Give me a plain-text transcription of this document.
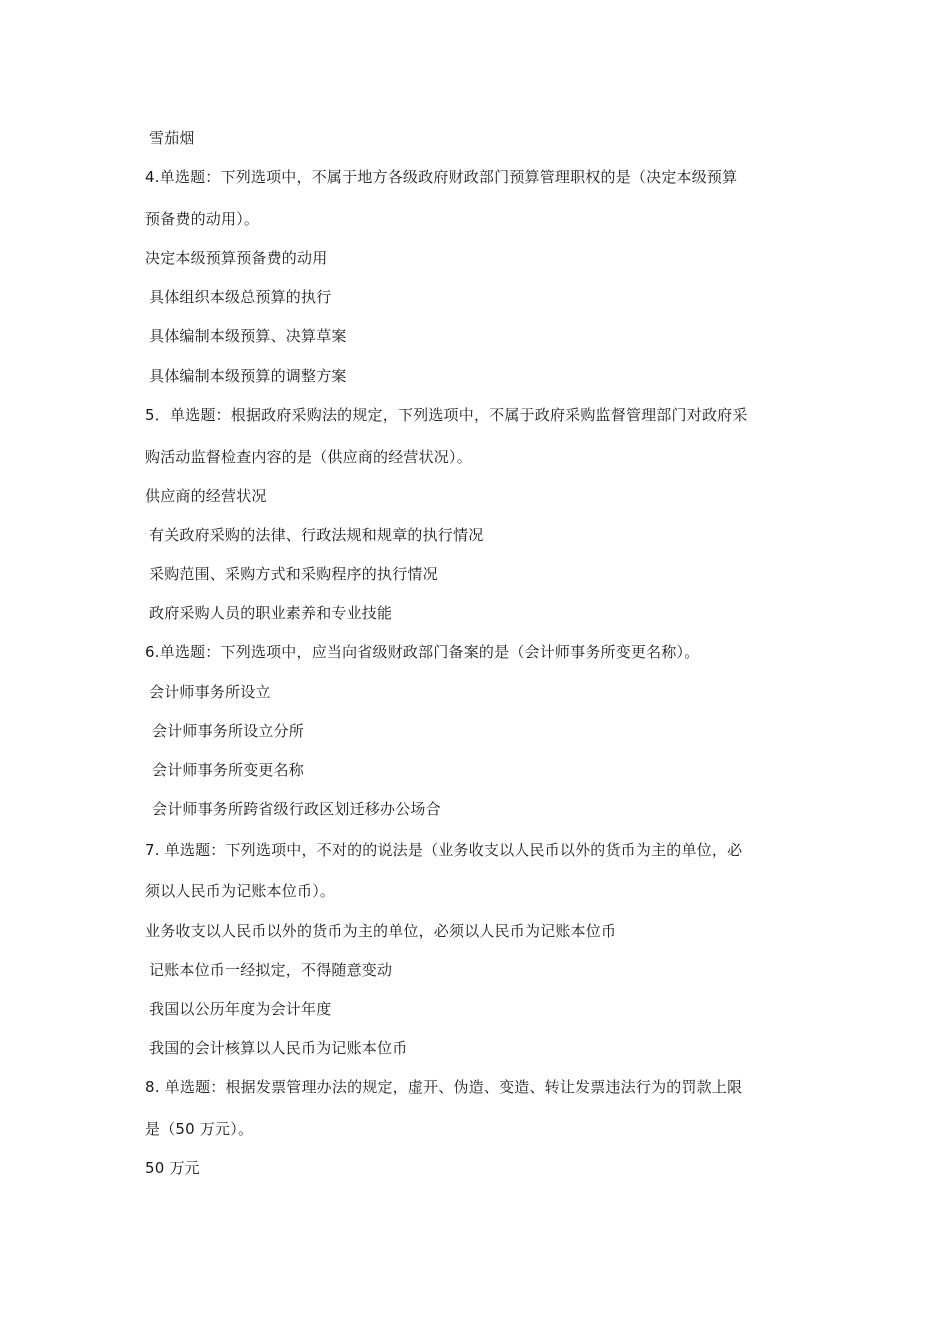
雪茄烟
4.单选题：下列选项中，不属于地方各级政府财政部门预算管理职权的是（决定本级预算
预备费的动用）。
决定本级预算预备费的动用
具体组织本级总预算的执行
具体编制本级预算、决算草案
具体编制本级预算的调整方案
5．单选题：根据政府采购法的规定，下列选项中，不属于政府采购监督管理部门对政府采
购活动监督检查内容的是（供应商的经营状况）。
供应商的经营状况
有关政府采购的法律、行政法规和规章的执行情况
采购范围、采购方式和采购程序的执行情况
政府采购人员的职业素养和专业技能
6.单选题：下列选项中，应当向省级财政部门备案的是（会计师事务所变更名称）。
会计师事务所设立
会计师事务所设立分所
会计师事务所变更名称
会计师事务所跨省级行政区划迁移办公场合
7. 单选题：下列选项中，不对的的说法是（业务收支以人民币以外的货币为主的单位，必
须以人民币为记账本位币）。
业务收支以人民币以外的货币为主的单位，必须以人民币为记账本位币
记账本位币一经拟定，不得随意变动
我国以公历年度为会计年度
我国的会计核算以人民币为记账本位币
8. 单选题：根据发票管理办法的规定，虚开、伪造、变造、转让发票违法行为的罚款上限
是（50 万元）。
50 万元
